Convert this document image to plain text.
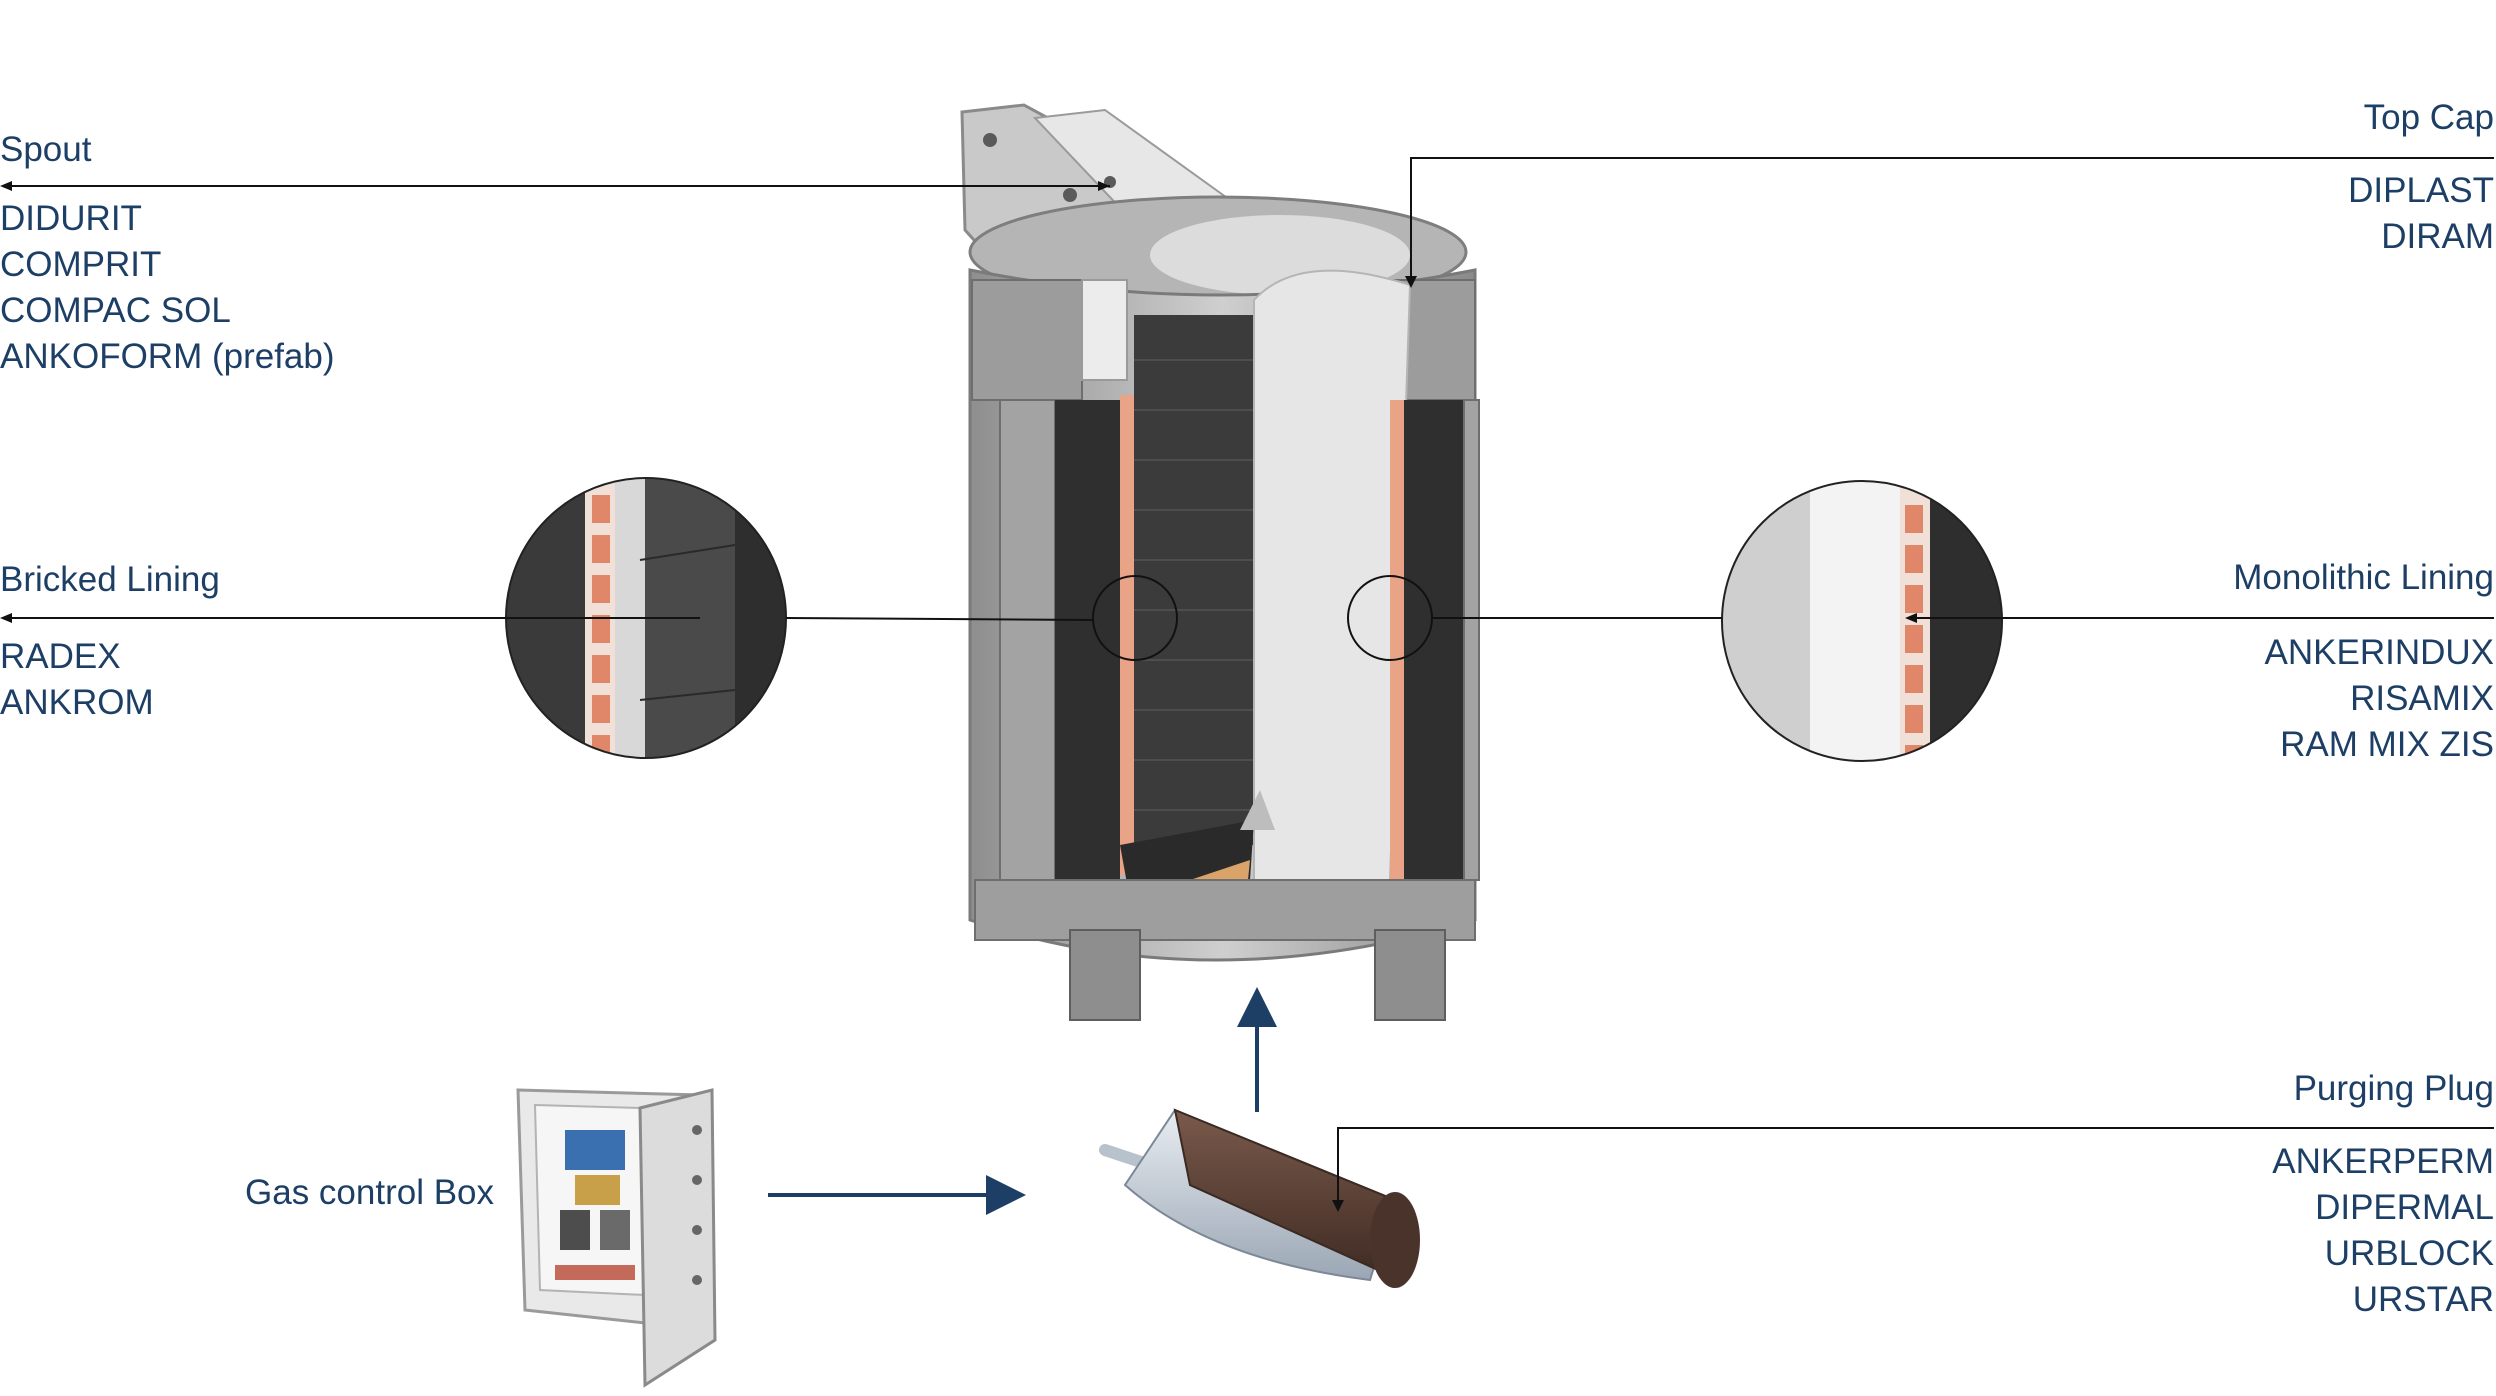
Spout
DIDURIT
COMPRIT
COMPAC SOL
ANKOFORM (prefab)
Top Cap
DIPLAST
DIRAM
Bricked Lining
RADEX
ANKROM
Monolithic Lining
ANKERINDUX
RISAMIX
RAM MIX ZIS
Purging Plug
ANKERPERM
DIPERMAL
URBLOCK
URSTAR
Gas control Box
